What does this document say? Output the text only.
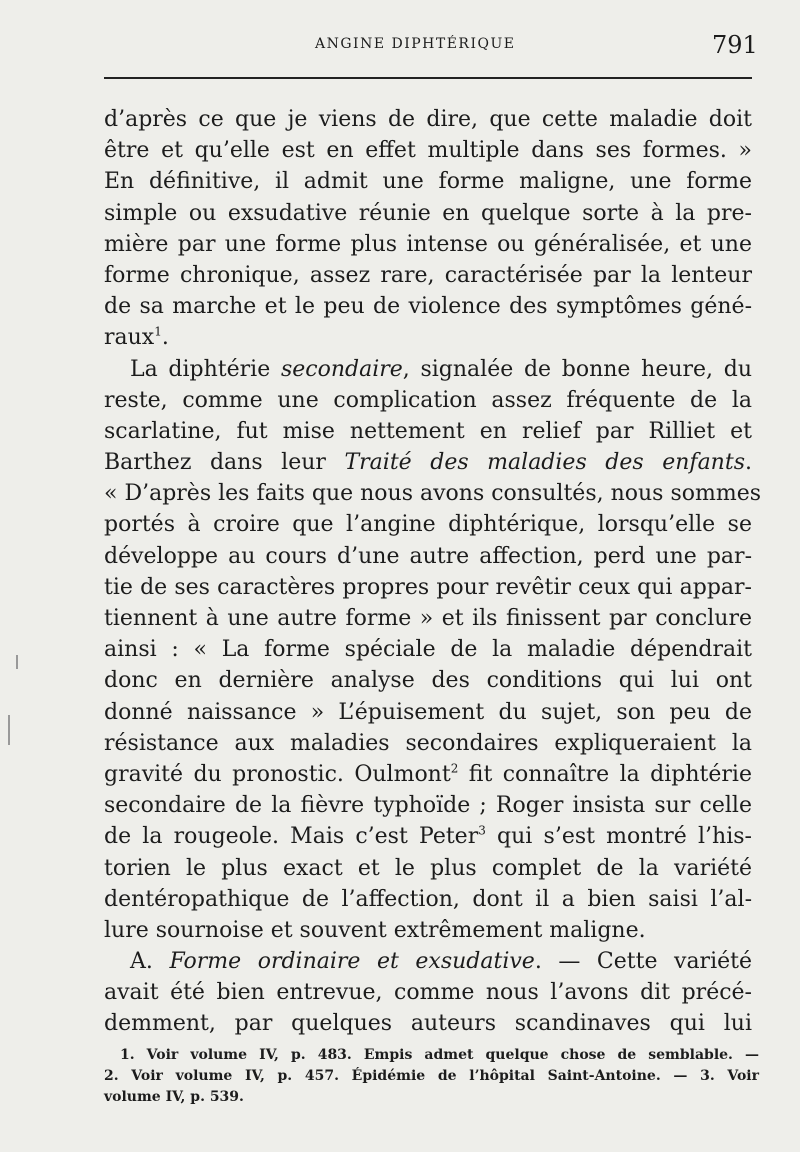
ANGINE DIPHTÉRIQUE	791
d’après ce que je viens de dire, que cette maladie doit
être et qu’elle est en effet multiple dans ses formes. »
En définitive, il admit une forme maligne, une forme
simple ou exsudative réunie en quelque sorte à la pre-
mière par une forme plus intense ou généralisée, et une
forme chronique, assez rare, caractérisée par la lenteur
de sa marche et le peu de violence des symptômes géné-
raux$^1$.
La diphtérie secondaire, signalée de bonne heure, du
reste, comme une complication assez fréquente de la
scarlatine, fut mise nettement en relief par Rilliet et
Barthez dans leur Traité des maladies des enfants.
« D’après les faits que nous avons consultés, nous sommes
portés à croire que l’angine diphtérique, lorsqu’elle se
développe au cours d’une autre affection, perd une par-
tie de ses caractères propres pour revêtir ceux qui appar-
tiennent à une autre forme » et ils finissent par conclure
ainsi : « La forme spéciale de la maladie dépendrait
donc en dernière analyse des conditions qui lui ont
donné naissance » L’épuisement du sujet, son peu de
résistance aux maladies secondaires expliqueraient la
gravité du pronostic. Oulmont$^2$ fit connaître la diphtérie
secondaire de la fièvre typhoïde ; Roger insista sur celle
de la rougeole. Mais c’est Peter$^3$ qui s’est montré l’his-
torien le plus exact et le plus complet de la variété
dentéropathique de l’affection, dont il a bien saisi l’al-
lure sournoise et souvent extrêmement maligne.
A. Forme ordinaire et exsudative. — Cette variété
avait été bien entrevue, comme nous l’avons dit précé-
demment, par quelques auteurs scandinaves qui lui
1. Voir volume IV, p. 483. Empis admet quelque chose de semblable. —
2. Voir volume IV, p. 457. Épidémie de l’hôpital Saint-Antoine. — 3. Voir
volume IV, p. 539.
